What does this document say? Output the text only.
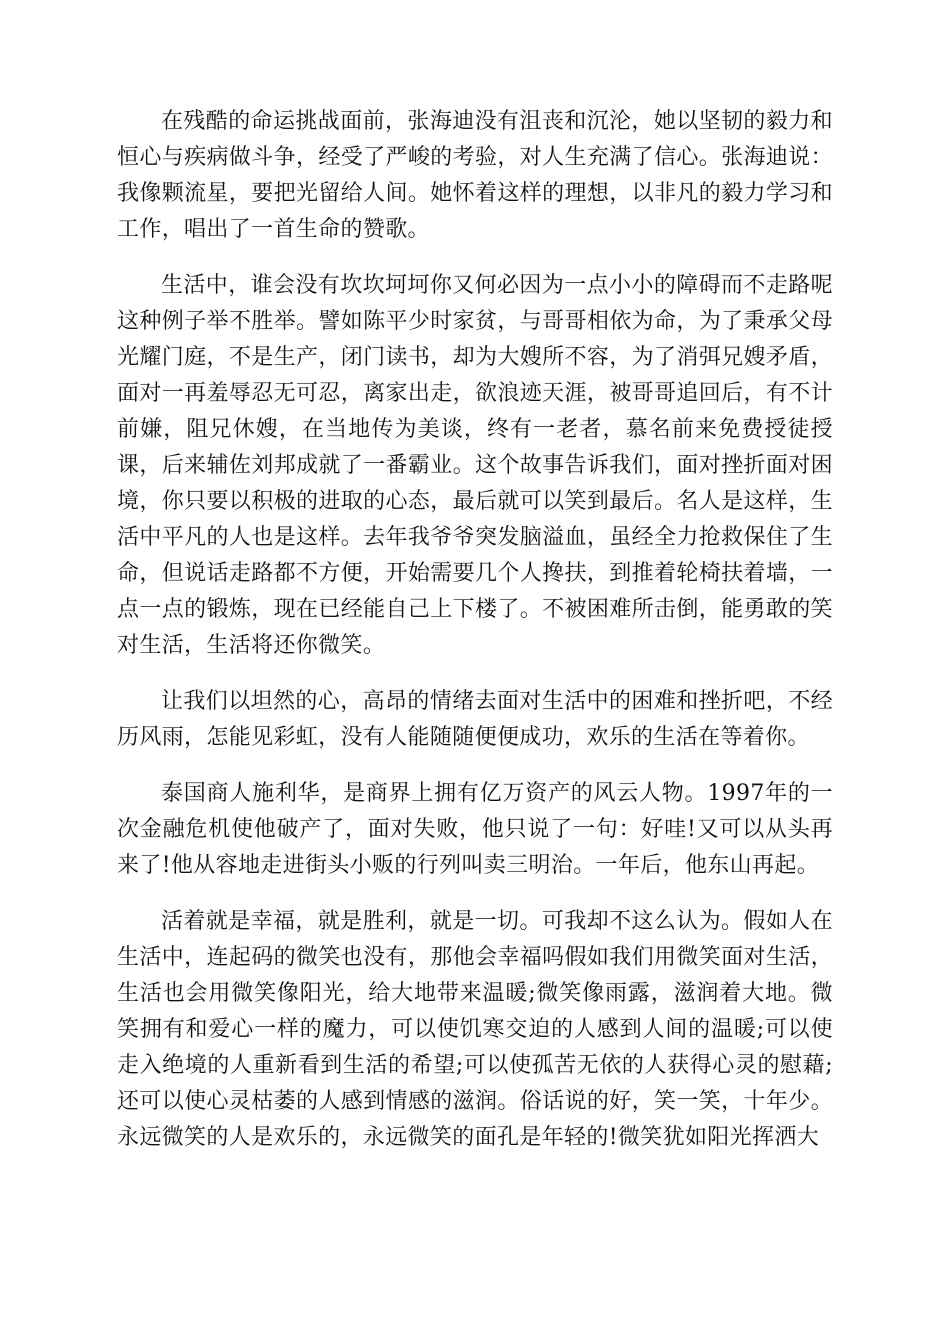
在残酷的命运挑战面前，张海迪没有沮丧和沉沦，她以坚韧的毅力和恒心与疾病做斗争，经受了严峻的考验，对人生充满了信心。张海迪说：我像颗流星，要把光留给人间。她怀着这样的理想，以非凡的毅力学习和工作，唱出了一首生命的赞歌。

生活中，谁会没有坎坎坷坷你又何必因为一点小小的障碍而不走路呢这种例子举不胜举。譬如陈平少时家贫，与哥哥相依为命，为了秉承父母光耀门庭，不是生产，闭门读书，却为大嫂所不容，为了消弭兄嫂矛盾，面对一再羞辱忍无可忍，离家出走，欲浪迹天涯，被哥哥追回后，有不计前嫌，阻兄休嫂，在当地传为美谈，终有一老者，慕名前来免费授徒授课，后来辅佐刘邦成就了一番霸业。这个故事告诉我们，面对挫折面对困境，你只要以积极的进取的心态，最后就可以笑到最后。名人是这样，生活中平凡的人也是这样。去年我爷爷突发脑溢血，虽经全力抢救保住了生命，但说话走路都不方便，开始需要几个人搀扶，到推着轮椅扶着墙，一点一点的锻炼，现在已经能自己上下楼了。不被困难所击倒，能勇敢的笑对生活，生活将还你微笑。

让我们以坦然的心，高昂的情绪去面对生活中的困难和挫折吧，不经历风雨，怎能见彩虹，没有人能随随便便成功，欢乐的生活在等着你。

泰国商人施利华，是商界上拥有亿万资产的风云人物。1997年的一次金融危机使他破产了，面对失败，他只说了一句：好哇!又可以从头再来了!他从容地走进街头小贩的行列叫卖三明治。一年后，他东山再起。

活着就是幸福，就是胜利，就是一切。可我却不这么认为。假如人在生活中，连起码的微笑也没有，那他会幸福吗假如我们用微笑面对生活，生活也会用微笑像阳光，给大地带来温暖;微笑像雨露，滋润着大地。微笑拥有和爱心一样的魔力，可以使饥寒交迫的人感到人间的温暖;可以使走入绝境的人重新看到生活的希望;可以使孤苦无依的人获得心灵的慰藉;还可以使心灵枯萎的人感到情感的滋润。俗话说的好，笑一笑，十年少。永远微笑的人是欢乐的，永远微笑的面孔是年轻的!微笑犹如阳光挥洒大
